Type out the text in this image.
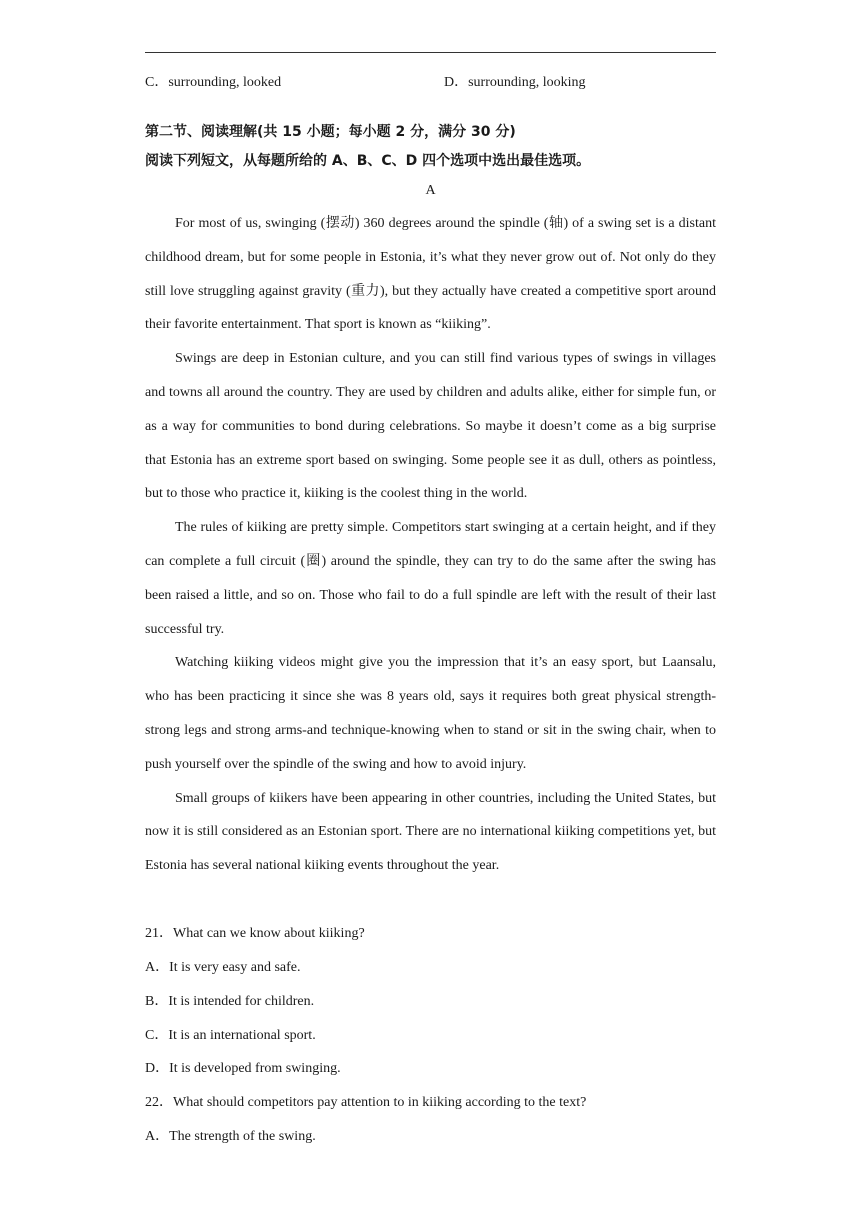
C．surrounding, looked	D．surrounding, looking
第二节、阅读理解(共 15 小题；每小题 2 分，满分 30 分)
阅读下列短文，从每题所给的 A、B、C、D 四个选项中选出最佳选项。
A

For most of us, swinging (摆动) 360 degrees around the spindle (轴) of a swing set is a distant childhood dream, but for some people in Estonia, it’s what they never grow out of. Not only do they still love struggling against gravity (重力), but they actually have created a competitive sport around their favorite entertainment. That sport is known as “kiiking”.

Swings are deep in Estonian culture, and you can still find various types of swings in villages and towns all around the country. They are used by children and adults alike, either for simple fun, or as a way for communities to bond during celebrations. So maybe it doesn’t come as a big surprise that Estonia has an extreme sport based on swinging. Some people see it as dull, others as pointless, but to those who practice it, kiiking is the coolest thing in the world.

The rules of kiiking are pretty simple. Competitors start swinging at a certain height, and if they can complete a full circuit (圈) around the spindle, they can try to do the same after the swing has been raised a little, and so on. Those who fail to do a full spindle are left with the result of their last successful try.

Watching kiiking videos might give you the impression that it’s an easy sport, but Laansalu, who has been practicing it since she was 8 years old, says it requires both great physical strength-strong legs and strong arms-and technique-knowing when to stand or sit in the swing chair, when to push yourself over the spindle of the swing and how to avoid injury.

Small groups of kiikers have been appearing in other countries, including the United States, but now it is still considered as an Estonian sport. There are no international kiiking competitions yet, but Estonia has several national kiiking events throughout the year.

21．What can we know about kiiking?
A．It is very easy and safe.
B．It is intended for children.
C．It is an international sport.
D．It is developed from swinging.
22．What should competitors pay attention to in kiiking according to the text?
A．The strength of the swing.
